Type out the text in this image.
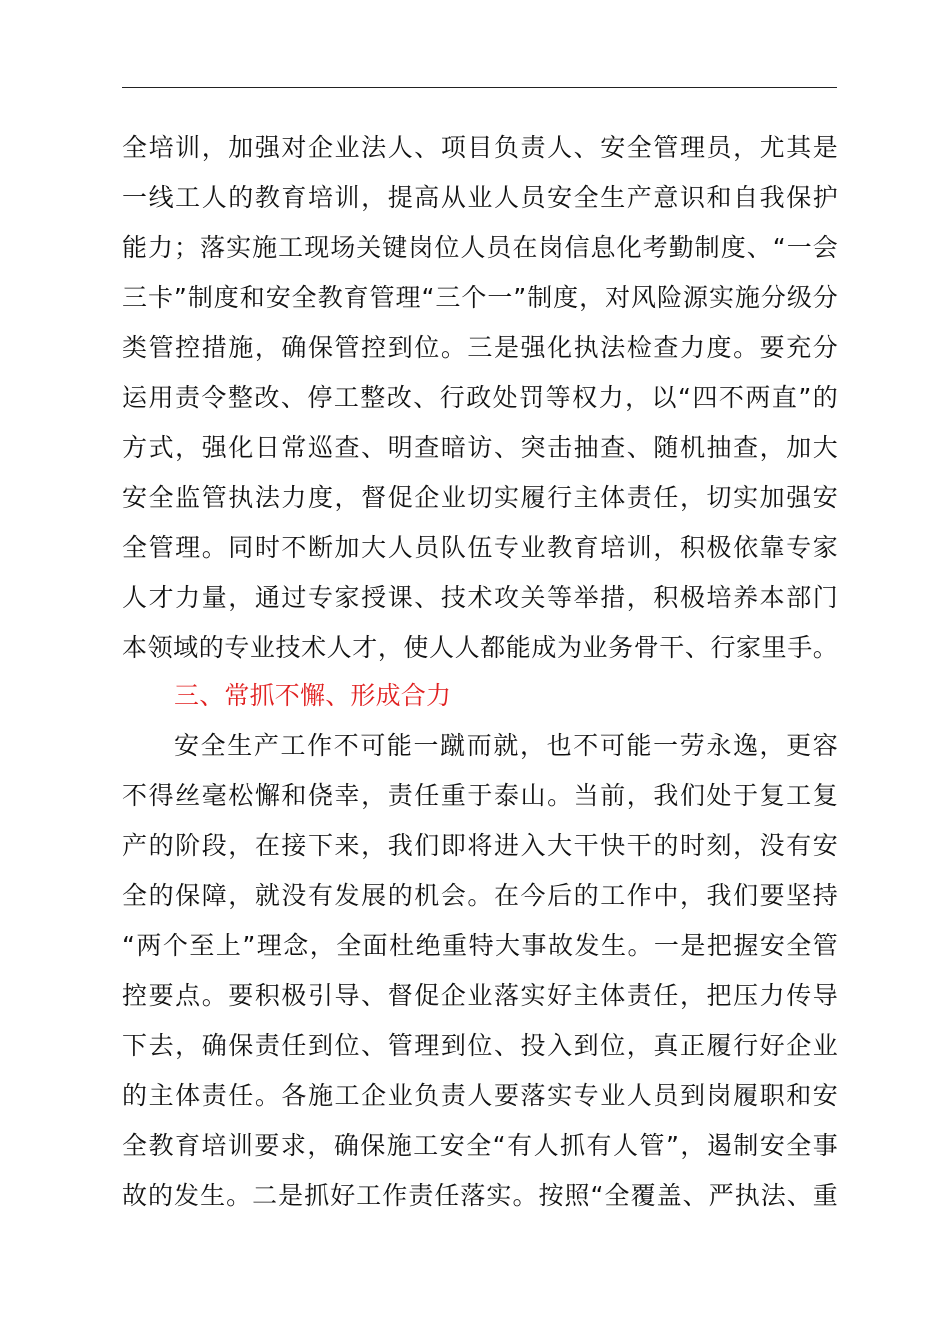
全培训，加强对企业法人、项目负责人、安全管理员，尤其是
一线工人的教育培训，提高从业人员安全生产意识和自我保护
能力；落实施工现场关键岗位人员在岗信息化考勤制度、“一会
三卡”制度和安全教育管理“三个一”制度，对风险源实施分级分
类管控措施，确保管控到位。三是强化执法检查力度。要充分
运用责令整改、停工整改、行政处罚等权力，以“四不两直”的
方式，强化日常巡查、明查暗访、突击抽查、随机抽查，加大
安全监管执法力度，督促企业切实履行主体责任，切实加强安
全管理。同时不断加大人员队伍专业教育培训，积极依靠专家
人才力量，通过专家授课、技术攻关等举措，积极培养本部门
本领域的专业技术人才，使人人都能成为业务骨干、行家里手。
三、常抓不懈、形成合力
安全生产工作不可能一蹴而就，也不可能一劳永逸，更容
不得丝毫松懈和侥幸，责任重于泰山。当前，我们处于复工复
产的阶段，在接下来，我们即将进入大干快干的时刻，没有安
全的保障，就没有发展的机会。在今后的工作中，我们要坚持
“两个至上”理念，全面杜绝重特大事故发生。一是把握安全管
控要点。要积极引导、督促企业落实好主体责任，把压力传导
下去，确保责任到位、管理到位、投入到位，真正履行好企业
的主体责任。各施工企业负责人要落实专业人员到岗履职和安
全教育培训要求，确保施工安全“有人抓有人管”，遏制安全事
故的发生。二是抓好工作责任落实。按照“全覆盖、严执法、重
